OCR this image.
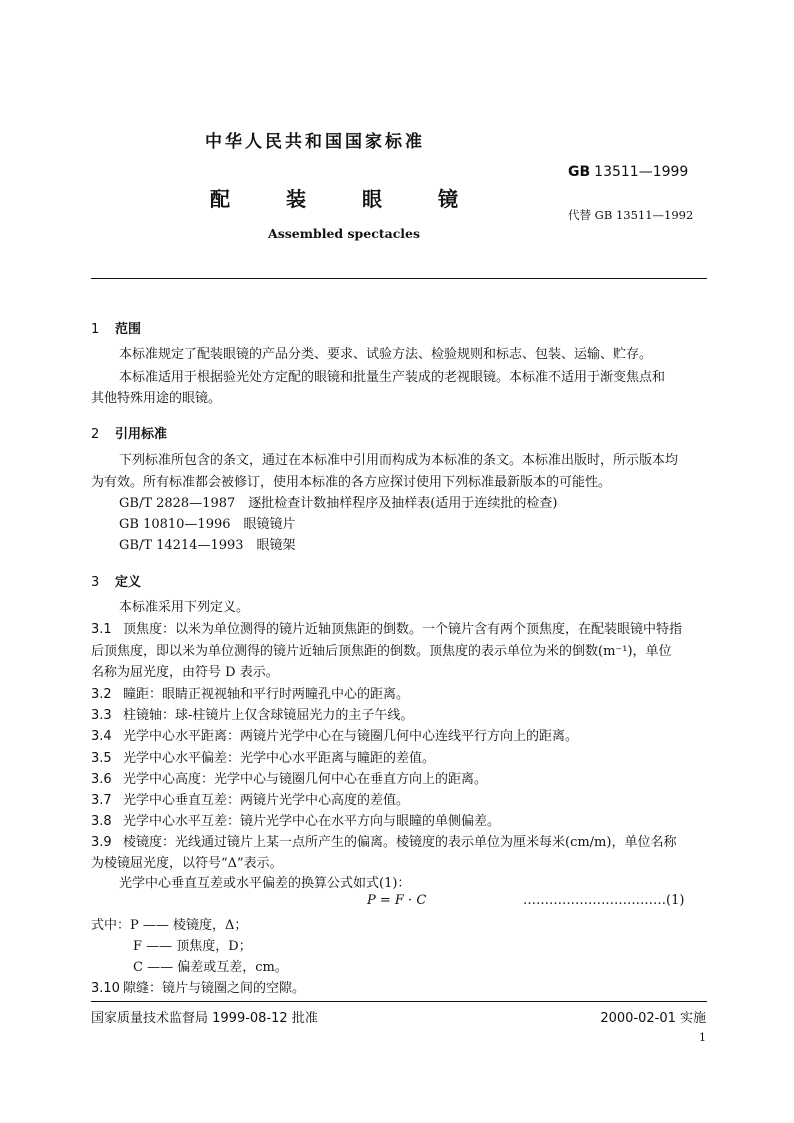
中华人民共和国国家标准
GB 13511—1999
配	装	眼	镜
代替 GB 13511—1992
Assembled spectacles
1 范围
本标准规定了配装眼镜的产品分类、要求、试验方法、检验规则和标志、包装、运输、贮存。
本标准适用于根据验光处方定配的眼镜和批量生产装成的老视眼镜。本标准不适用于渐变焦点和
其他特殊用途的眼镜。
2 引用标准
下列标准所包含的条文，通过在本标准中引用而构成为本标准的条文。本标准出版时，所示版本均
为有效。所有标准都会被修订，使用本标准的各方应探讨使用下列标准最新版本的可能性。
GB/T 2828—1987　逐批检查计数抽样程序及抽样表(适用于连续批的检查)
GB 10810—1996　眼镜镜片
GB/T 14214—1993　眼镜架
3 定义
本标准采用下列定义。
3.1 顶焦度：以米为单位测得的镜片近轴顶焦距的倒数。一个镜片含有两个顶焦度，在配装眼镜中特指
后顶焦度，即以米为单位测得的镜片近轴后顶焦距的倒数。顶焦度的表示单位为米的倒数(m⁻¹)，单位
名称为屈光度，由符号 D 表示。
3.2 瞳距：眼睛正视视轴和平行时两瞳孔中心的距离。
3.3 柱镜轴：球-柱镜片上仅含球镜屈光力的主子午线。
3.4 光学中心水平距离：两镜片光学中心在与镜圈几何中心连线平行方向上的距离。
3.5 光学中心水平偏差：光学中心水平距离与瞳距的差值。
3.6 光学中心高度：光学中心与镜圈几何中心在垂直方向上的距离。
3.7 光学中心垂直互差：两镜片光学中心高度的差值。
3.8 光学中心水平互差：镜片光学中心在水平方向与眼瞳的单侧偏差。
3.9 棱镜度：光线通过镜片上某一点所产生的偏离。棱镜度的表示单位为厘米每米(cm/m)，单位名称
为棱镜屈光度，以符号“Δ”表示。
光学中心垂直互差或水平偏差的换算公式如式(1)：
P = F · C	……………………………(1)
式中：P —— 棱镜度，Δ；
F —— 顶焦度，D；
C —— 偏差或互差，cm。
3.10 隙缝：镜片与镜圈之间的空隙。
国家质量技术监督局 1999-08-12 批准	2000-02-01 实施
1
